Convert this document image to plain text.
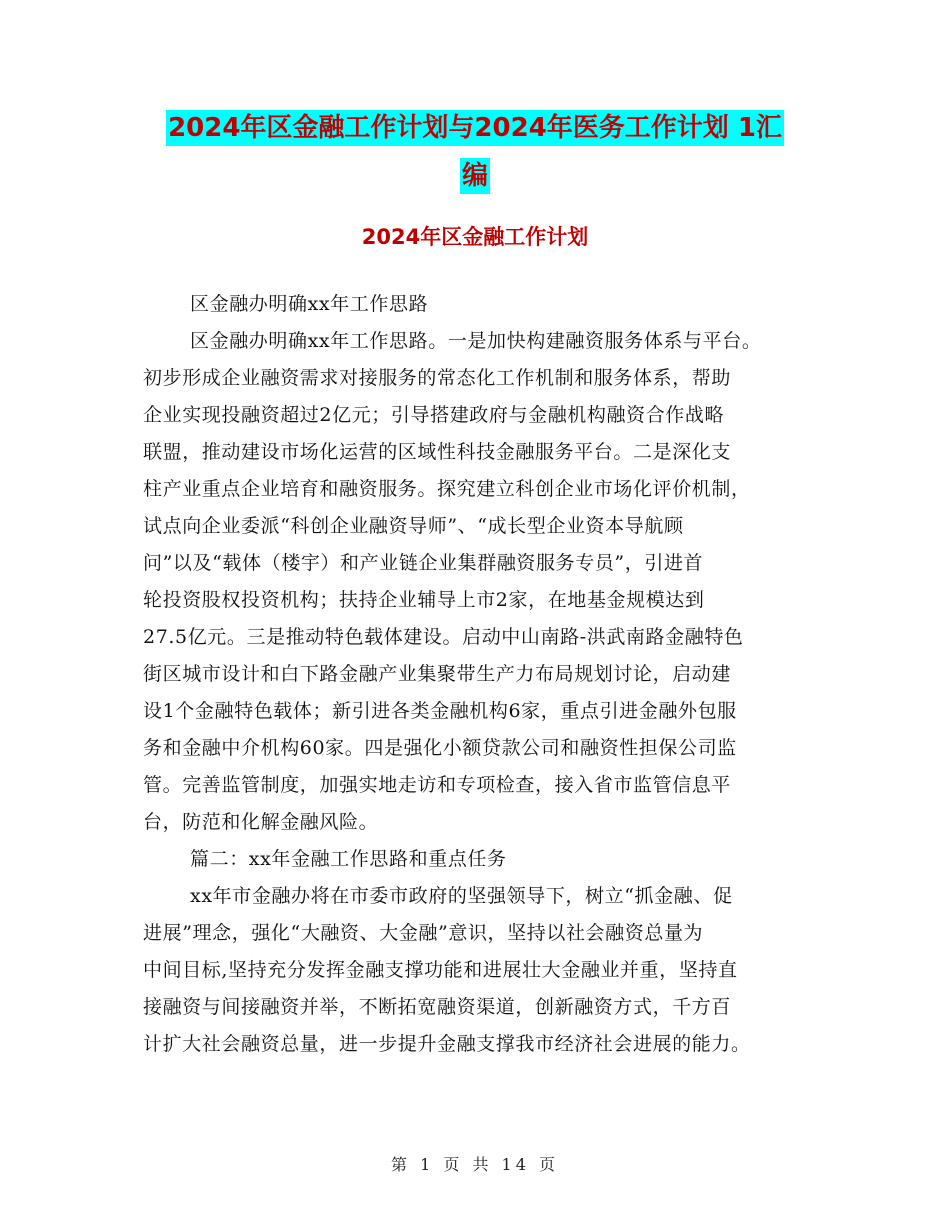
2024年区金融工作计划与2024年医务工作计划 1汇
编
2024年区金融工作计划
区金融办明确xx年工作思路
区金融办明确xx年工作思路。一是加快构建融资服务体系与平台。
初步形成企业融资需求对接服务的常态化工作机制和服务体系，帮助
企业实现投融资超过2亿元；引导搭建政府与金融机构融资合作战略
联盟，推动建设市场化运营的区域性科技金融服务平台。二是深化支
柱产业重点企业培育和融资服务。探究建立科创企业市场化评价机制，
试点向企业委派“科创企业融资导师”、“成长型企业资本导航顾
问”以及“载体（楼宇）和产业链企业集群融资服务专员”，引进首
轮投资股权投资机构；扶持企业辅导上市2家，在地基金规模达到
27.5亿元。三是推动特色载体建设。启动中山南路-洪武南路金融特色
街区城市设计和白下路金融产业集聚带生产力布局规划讨论，启动建
设1个金融特色载体；新引进各类金融机构6家，重点引进金融外包服
务和金融中介机构60家。四是强化小额贷款公司和融资性担保公司监
管。完善监管制度，加强实地走访和专项检查，接入省市监管信息平
台，防范和化解金融风险。
篇二：xx年金融工作思路和重点任务
xx年市金融办将在市委市政府的坚强领导下，树立“抓金融、促
进展”理念，强化“大融资、大金融”意识，坚持以社会融资总量为
中间目标,坚持充分发挥金融支撑功能和进展壮大金融业并重，坚持直
接融资与间接融资并举，不断拓宽融资渠道，创新融资方式，千方百
计扩大社会融资总量，进一步提升金融支撑我市经济社会进展的能力。
第 1 页 共 14 页
